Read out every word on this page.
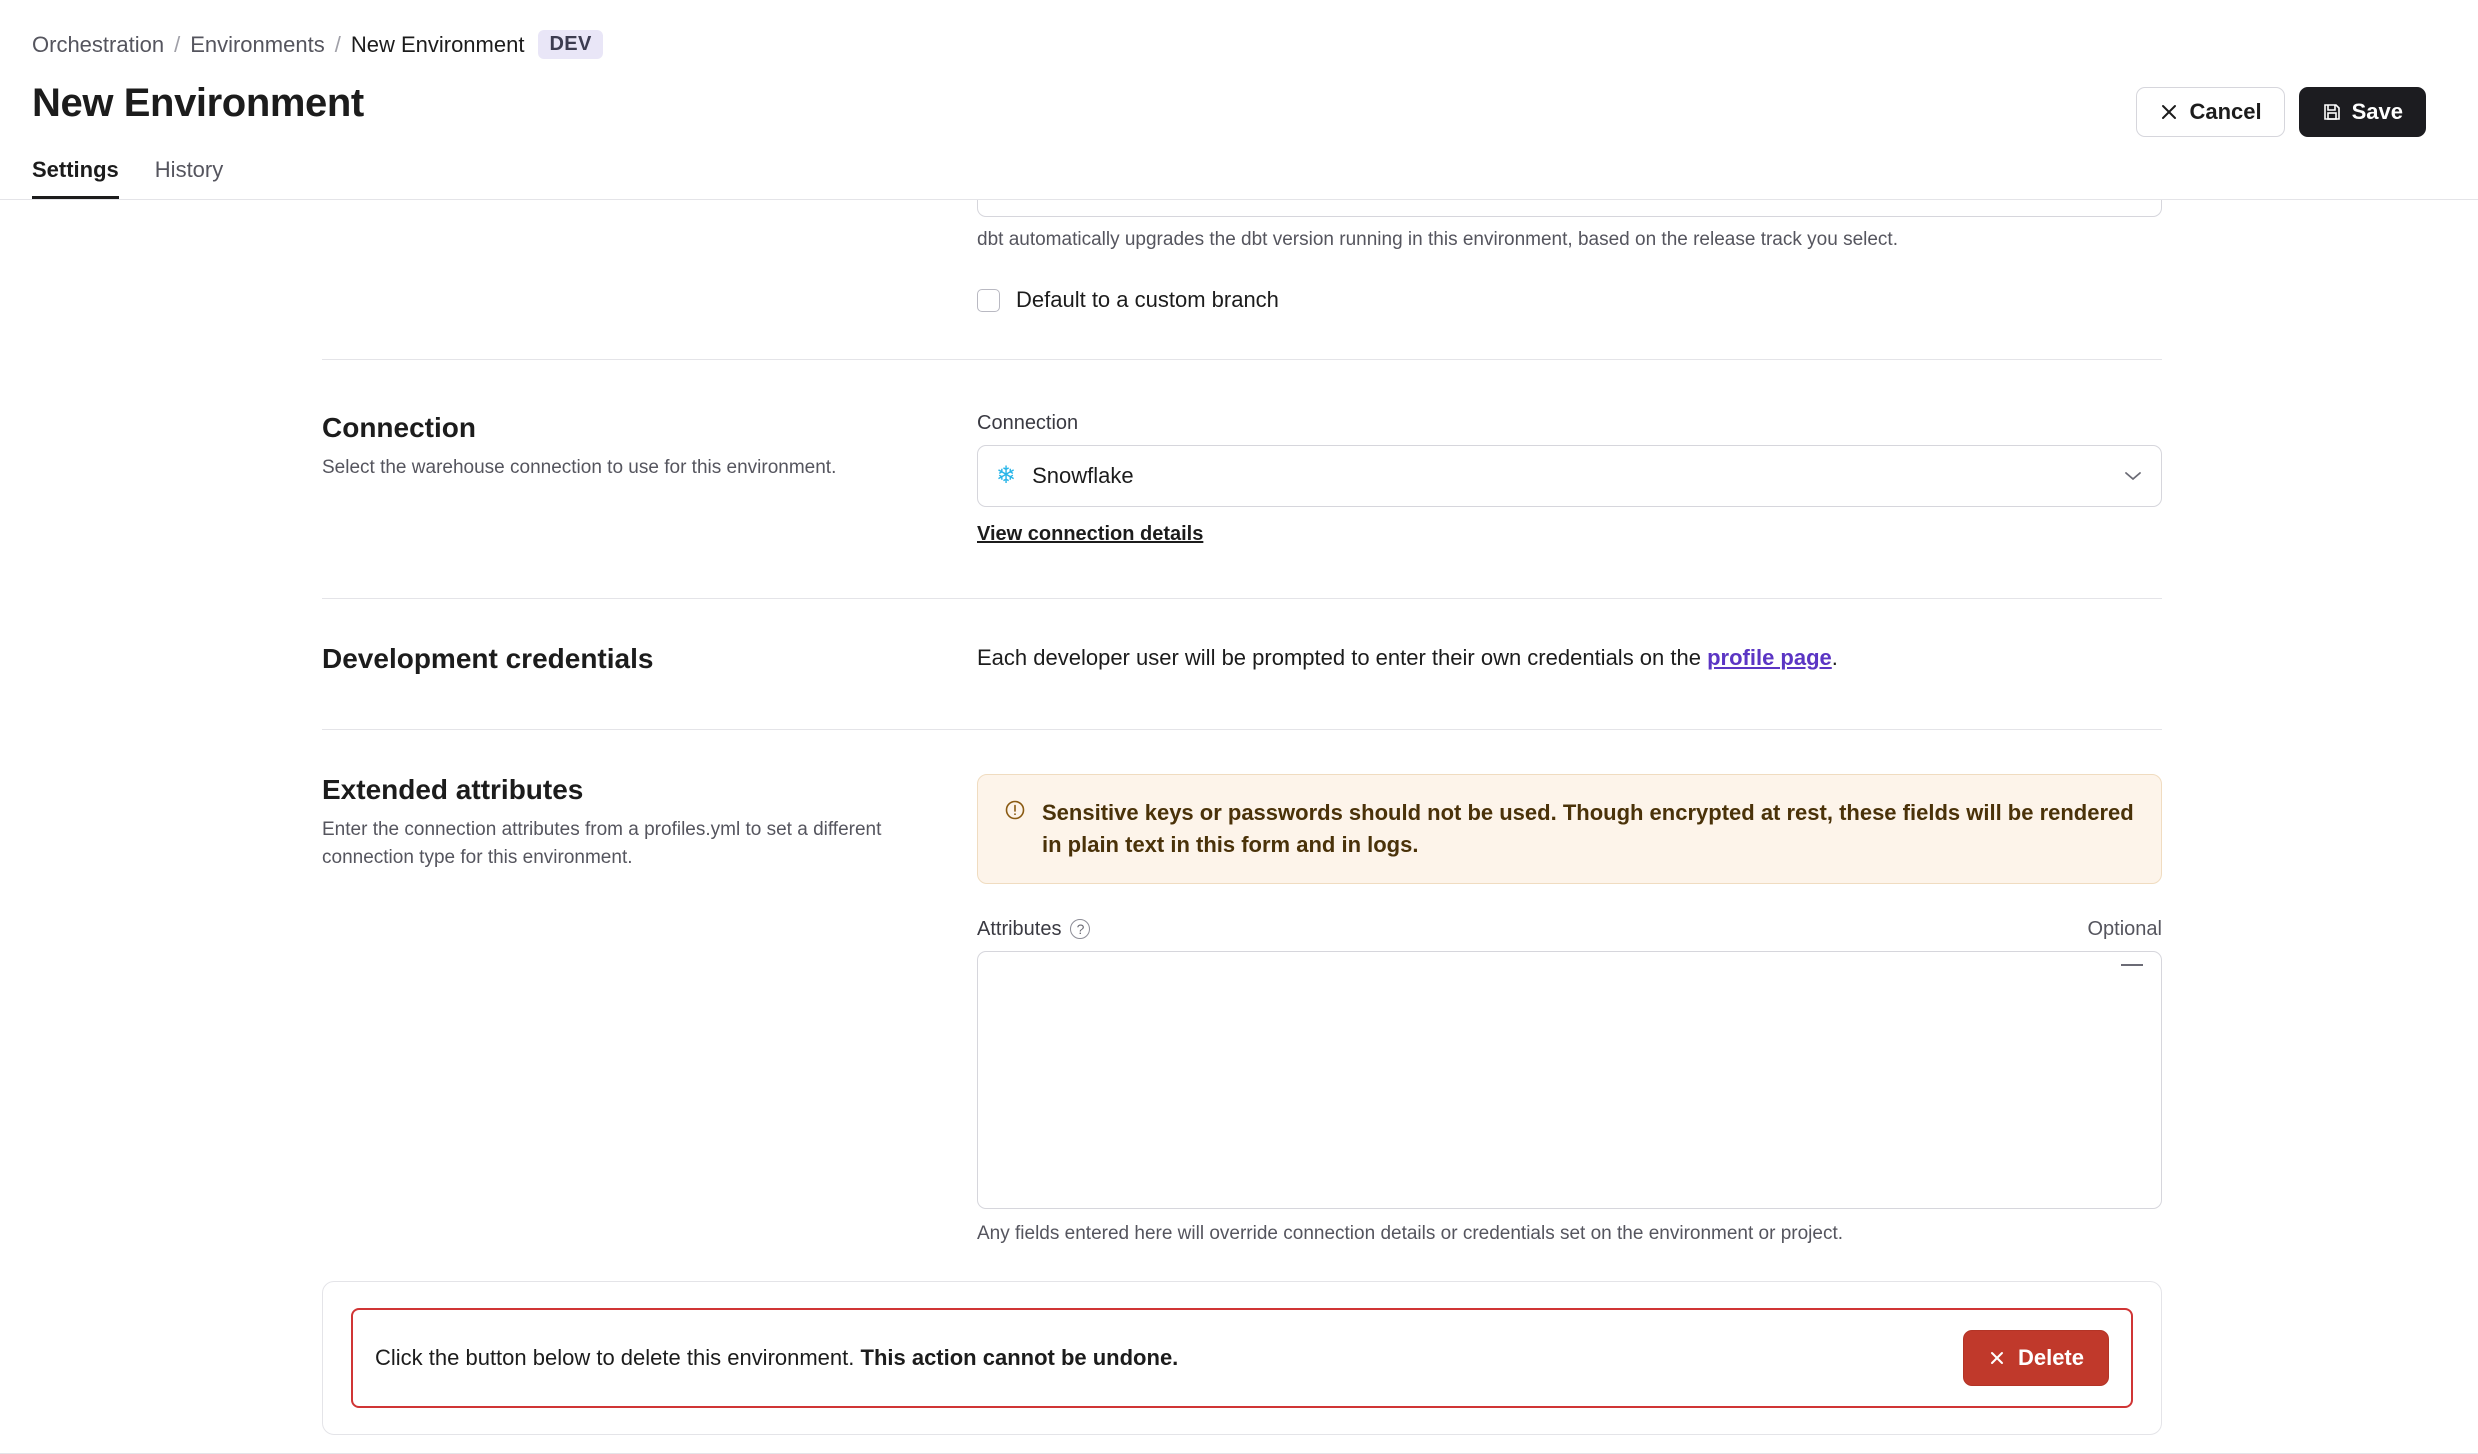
Orchestration / Environments / New Environment	DEV
New Environment	Cancel	Save
Settings History
dbt automatically upgrades the dbt version running in this environment, based on the release track you select.
Default to a custom branch
Connection
Select the warehouse connection to use for this environment.
Connection
❄ Snowflake
View connection details
Development credentials	Each developer user will be prompted to enter their own credentials on the profile page.
Extended attributes
Enter the connection attributes from a profiles.yml to set a different connection type for this environment.
Sensitive keys or passwords should not be used. Though encrypted at rest, these fields will be rendered in plain text in this form and in logs.
Attributes	?	Optional
Any fields entered here will override connection details or credentials set on the environment or project.
Click the button below to delete this environment. This action cannot be undone.	Delete
